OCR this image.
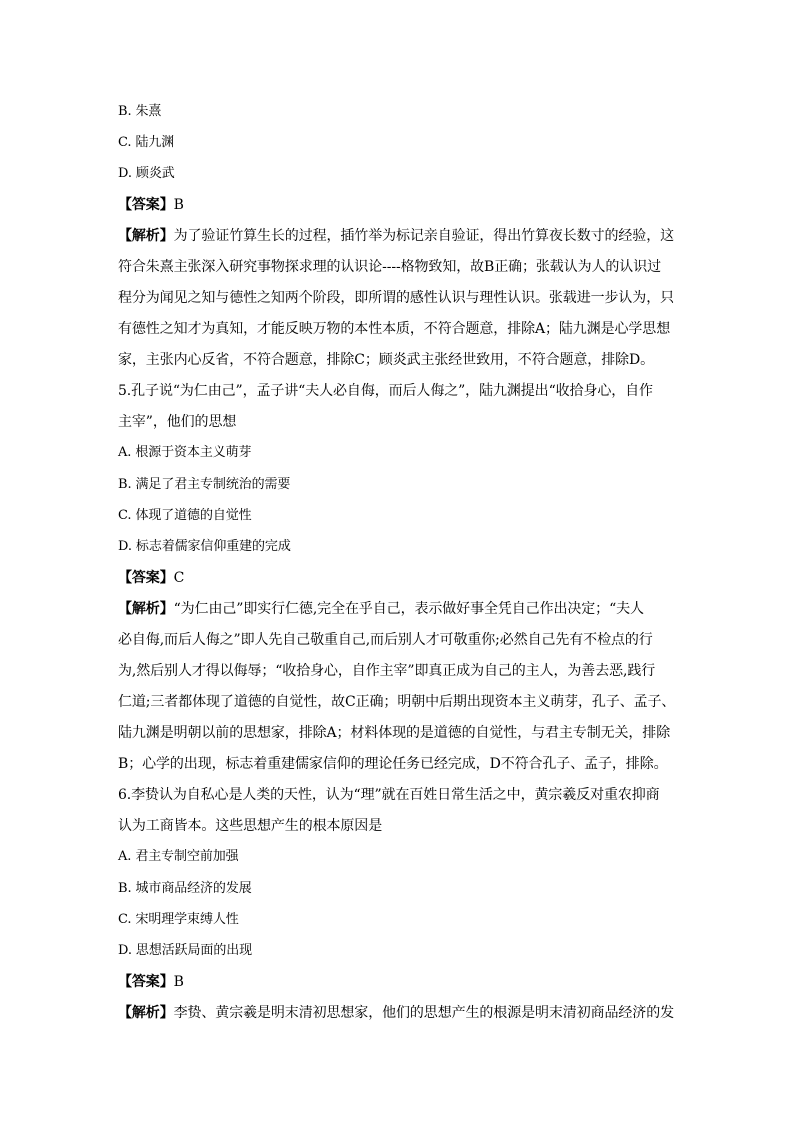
B. 朱熹
C. 陆九渊
D. 顾炎武
【答案】B
【解析】为了验证竹算生长的过程，插竹举为标记亲自验证，得出竹算夜长数寸的经验，这
符合朱熹主张深入研究事物探求理的认识论----格物致知，故B正确；张载认为人的认识过
程分为闻见之知与德性之知两个阶段，即所谓的感性认识与理性认识。张载进一步认为，只
有德性之知才为真知，才能反映万物的本性本质，不符合题意，排除A；陆九渊是心学思想
家，主张内心反省，不符合题意，排除C；顾炎武主张经世致用，不符合题意，排除D。
5.孔子说“为仁由己”，孟子讲“夫人必自侮，而后人侮之”，陆九渊提出“收拾身心，自作
主宰”，他们的思想
A. 根源于资本主义萌芽
B. 满足了君主专制统治的需要
C. 体现了道德的自觉性
D. 标志着儒家信仰重建的完成
【答案】C
【解析】“为仁由己”即实行仁德,完全在乎自己，表示做好事全凭自己作出决定；“夫人
必自侮,而后人侮之”即人先自己敬重自己,而后别人才可敬重你;必然自己先有不检点的行
为,然后别人才得以侮辱；“收拾身心，自作主宰”即真正成为自己的主人，为善去恶,践行
仁道;三者都体现了道德的自觉性，故C正确；明朝中后期出现资本主义萌芽，孔子、孟子、
陆九渊是明朝以前的思想家，排除A；材料体现的是道德的自觉性，与君主专制无关，排除
B；心学的出现，标志着重建儒家信仰的理论任务已经完成，D不符合孔子、孟子，排除。
6.李贽认为自私心是人类的天性，认为“理”就在百姓日常生活之中，黄宗羲反对重农抑商
认为工商皆本。这些思想产生的根本原因是
A. 君主专制空前加强
B. 城市商品经济的发展
C. 宋明理学束缚人性
D. 思想活跃局面的出现
【答案】B
【解析】李贽、黄宗羲是明末清初思想家，他们的思想产生的根源是明末清初商品经济的发
